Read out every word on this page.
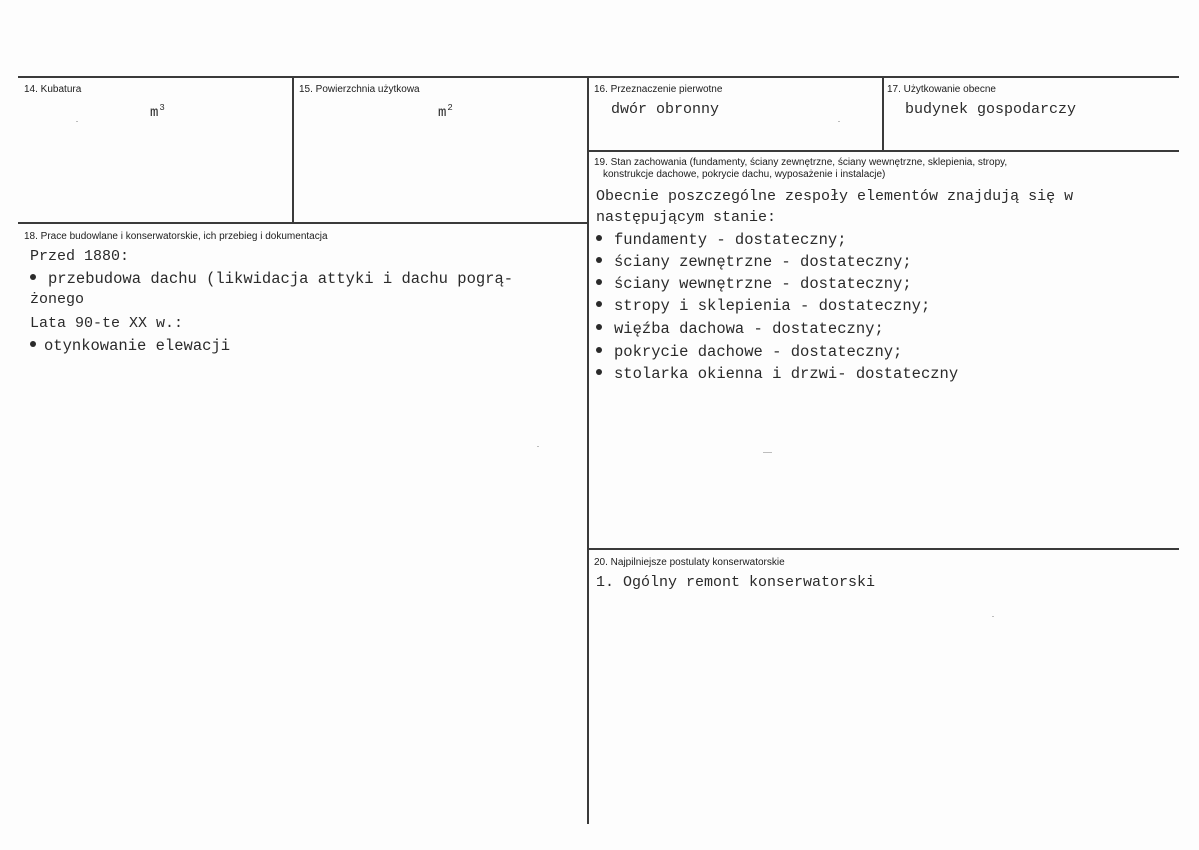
14. Kubatura
$m^3$
15. Powierzchnia użytkowa
$m^2$
16. Przeznaczenie pierwotne
dwór obronny
17. Użytkowanie obecne
budynek gospodarczy
18. Prace budowlane i konserwatorskie, ich przebieg i dokumentacja
Przed 1880:
przebudowa dachu (likwidacja attyki i dachu pogrą-
żonego
Lata 90-te XX w.:
otynkowanie elewacji
19. Stan zachowania (fundamenty, ściany zewnętrzne, ściany wewnętrzne, sklepienia, stropy,
konstrukcje dachowe, pokrycie dachu, wyposażenie i instalacje)
Obecnie poszczególne zespoły elementów znajdują się w
następującym stanie:
fundamenty - dostateczny;
ściany zewnętrzne - dostateczny;
ściany wewnętrzne - dostateczny;
stropy i sklepienia - dostateczny;
więźba dachowa - dostateczny;
pokrycie dachowe - dostateczny;
stolarka okienna i drzwi- dostateczny
20. Najpilniejsze postulaty konserwatorskie
1. Ogólny remont konserwatorski
